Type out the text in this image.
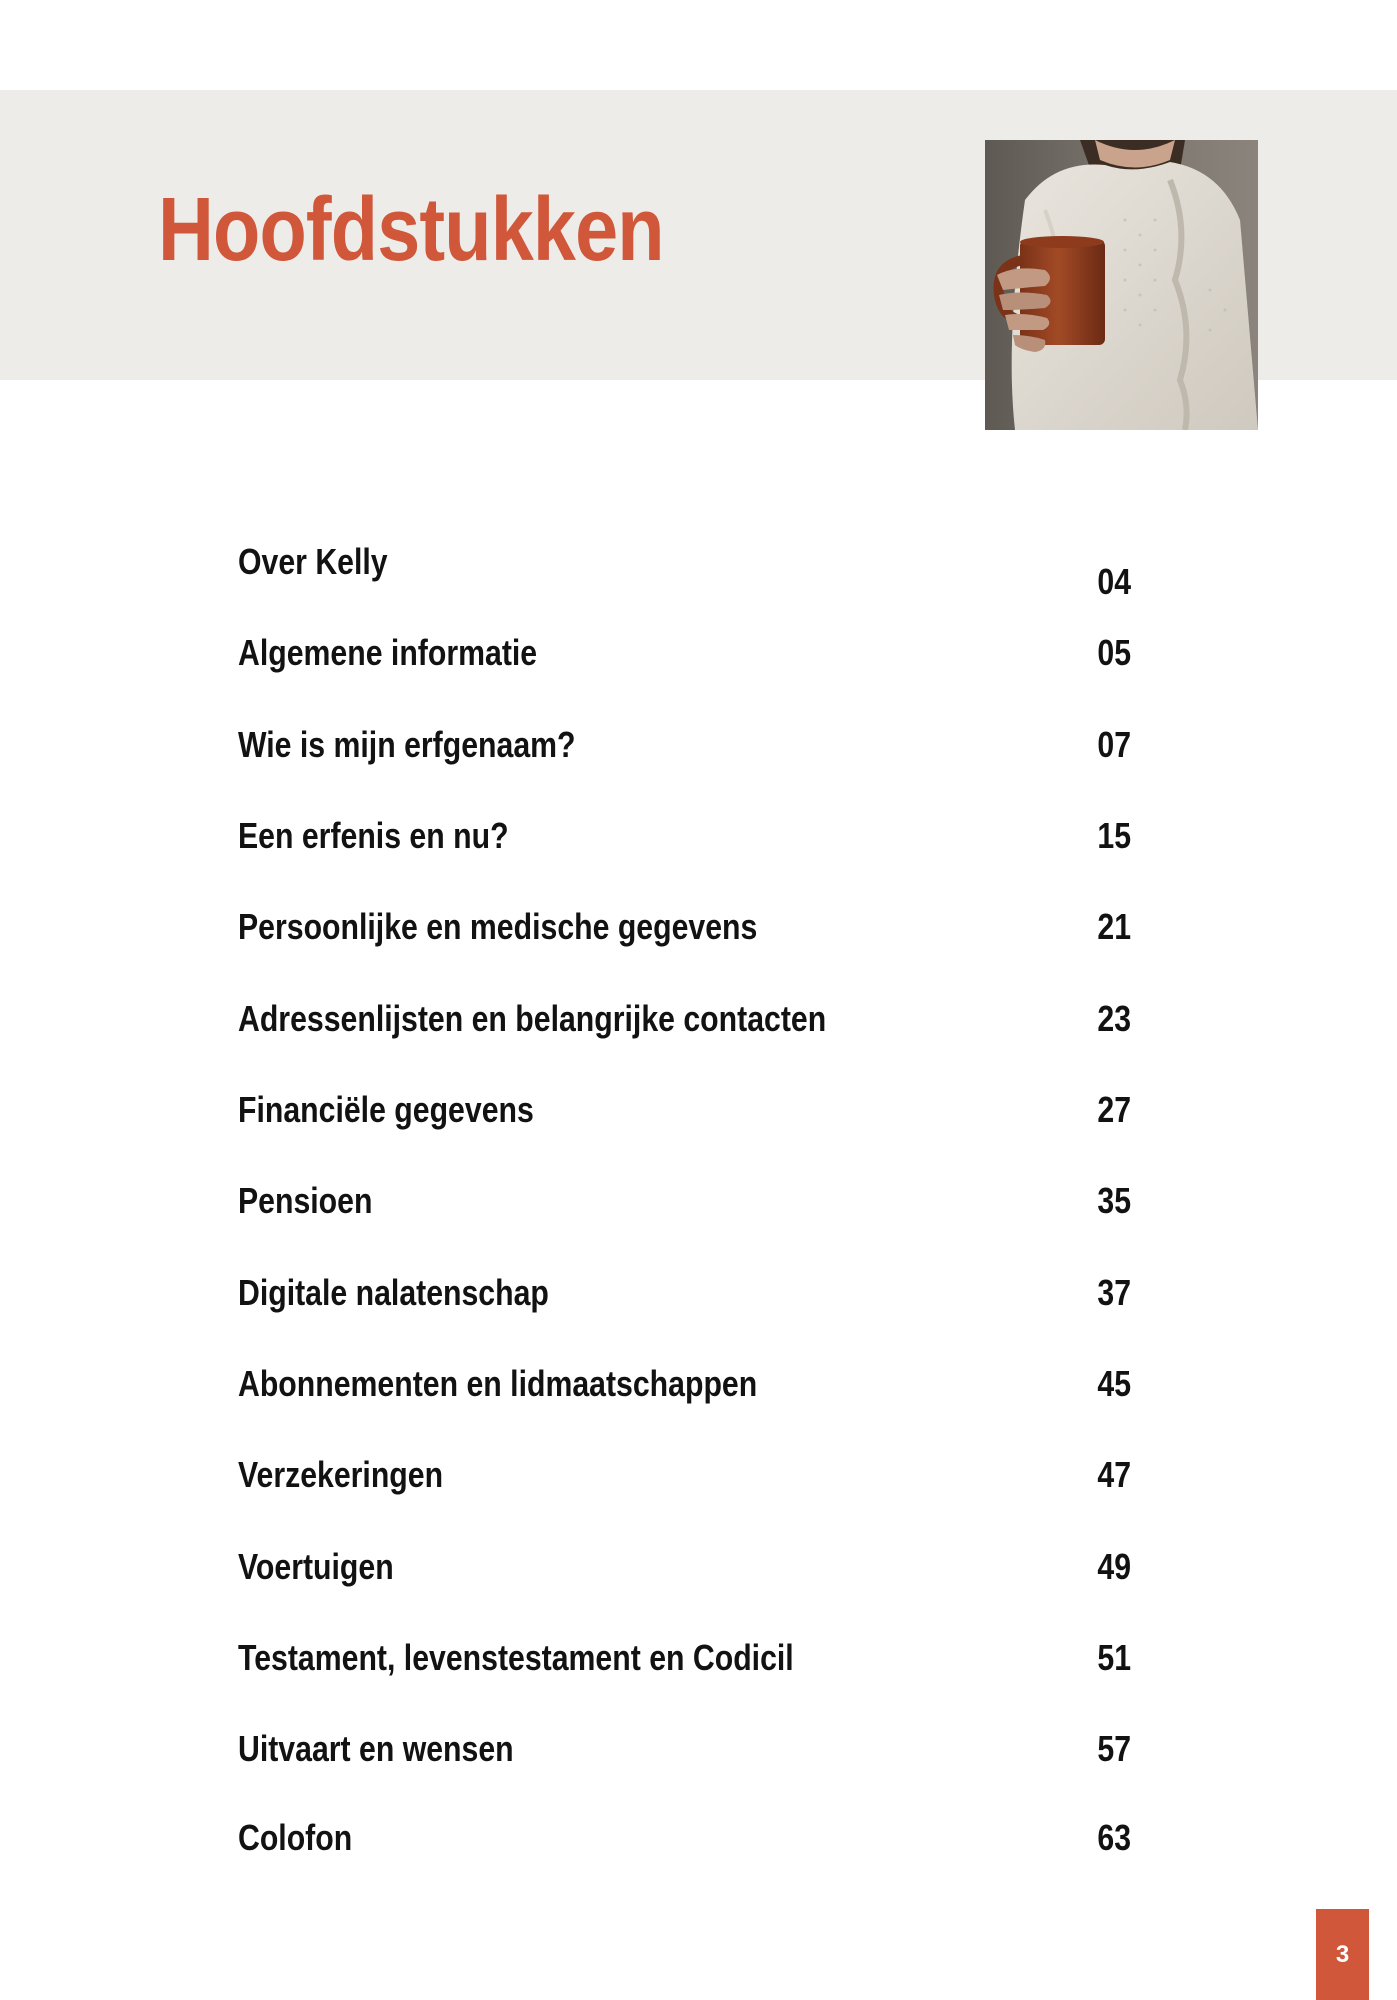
Hoofdstukken
Over Kelly	04
Algemene informatie	05
Wie is mijn erfgenaam?	07
Een erfenis en nu?	15
Persoonlijke en medische gegevens	21
Adressenlijsten en belangrijke contacten	23
Financiële gegevens	27
Pensioen	35
Digitale nalatenschap	37
Abonnementen en lidmaatschappen	45
Verzekeringen	47
Voertuigen	49
Testament, levenstestament en Codicil	51
Uitvaart en wensen	57
Colofon	63
3
